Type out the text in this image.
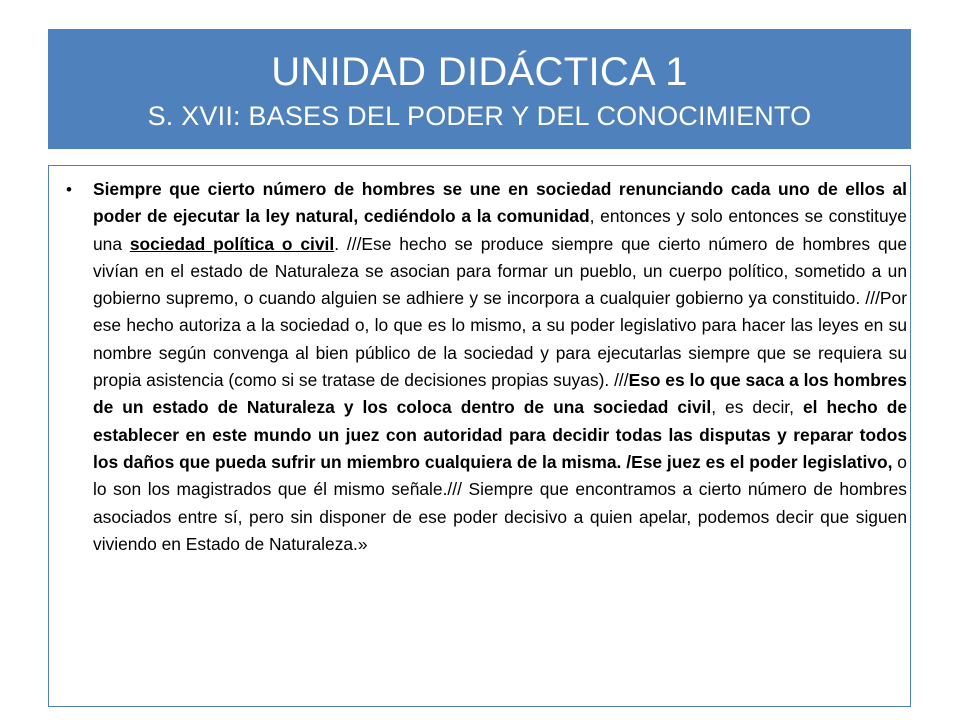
UNIDAD DIDÁCTICA 1
S. XVII: BASES DEL PODER Y DEL CONOCIMIENTO
• Siempre que cierto número de hombres se une en sociedad renunciando cada uno de ellos al poder de ejecutar la ley natural, cediéndolo a la comunidad, entonces y solo entonces se constituye una sociedad política o civil. ///Ese hecho se produce siempre que cierto número de hombres que vivían en el estado de Naturaleza se asocian para formar un pueblo, un cuerpo político, sometido a un gobierno supremo, o cuando alguien se adhiere y se incorpora a cualquier gobierno ya constituido. ///Por ese hecho autoriza a la sociedad o, lo que es lo mismo, a su poder legislativo para hacer las leyes en su nombre según convenga al bien público de la sociedad y para ejecutarlas siempre que se requiera su propia asistencia (como si se tratase de decisiones propias suyas). ///Eso es lo que saca a los hombres de un estado de Naturaleza y los coloca dentro de una sociedad civil, es decir, el hecho de establecer en este mundo un juez con autoridad para decidir todas las disputas y reparar todos los daños que pueda sufrir un miembro cualquiera de la misma. /Ese juez es el poder legislativo, o lo son los magistrados que él mismo señale./// Siempre que encontramos a cierto número de hombres asociados entre sí, pero sin disponer de ese poder decisivo a quien apelar, podemos decir que siguen viviendo en Estado de Naturaleza.»
